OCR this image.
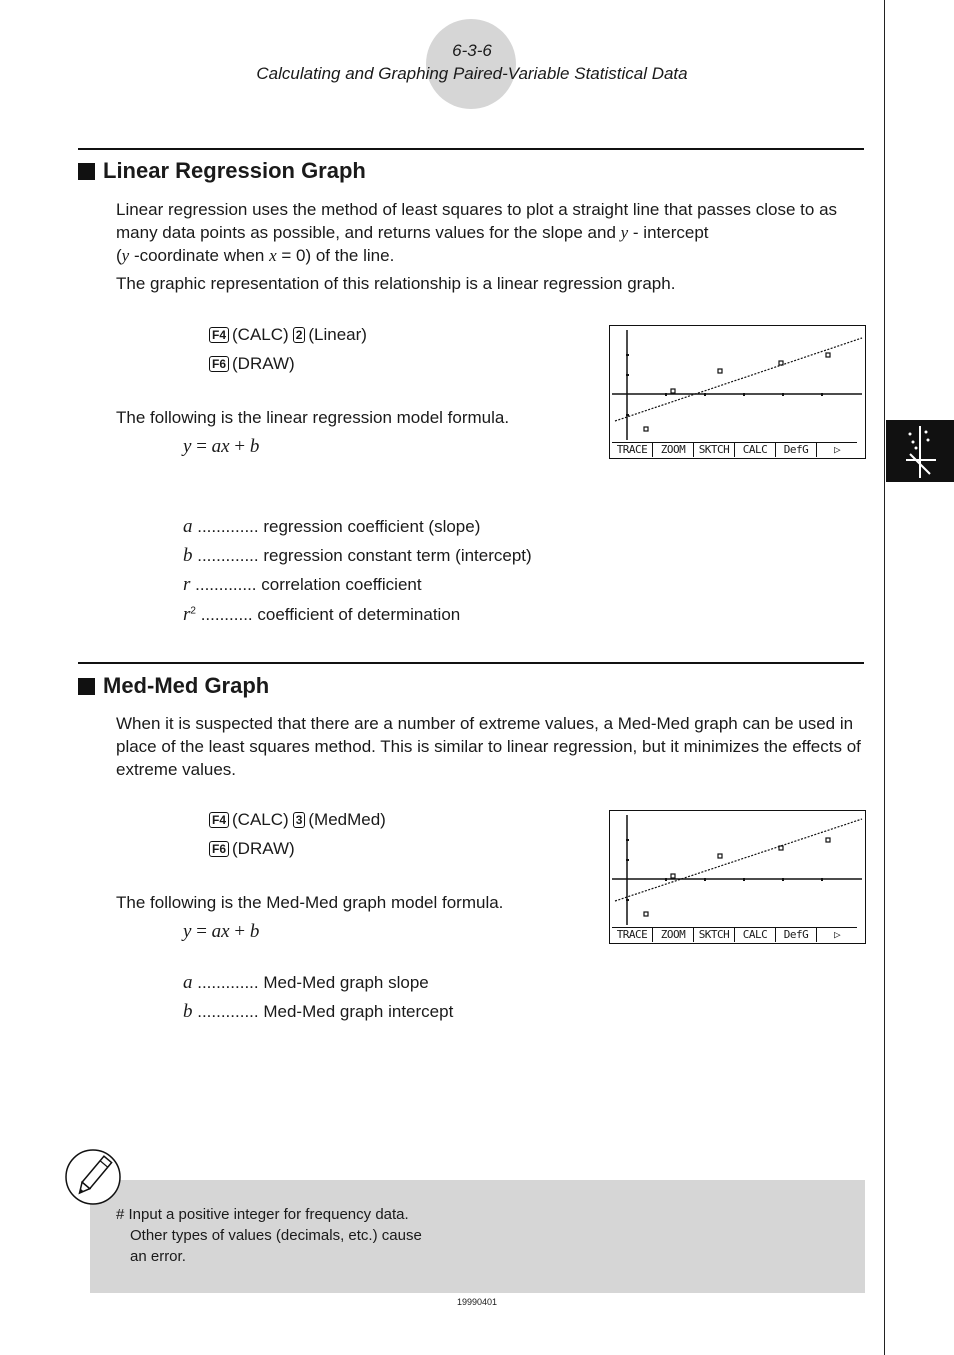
6-3-6
Calculating and Graphing Paired-Variable Statistical Data
Linear Regression Graph

Linear regression uses the method of least squares to plot a straight line that passes close to as many data points as possible, and returns values for the slope and y - intercept
(y -coordinate when x = 0) of the line.

The graphic representation of this relationship is a linear regression graph.

F4 (CALC) 2 (Linear)
F6 (DRAW)
The following is the linear regression model formula.
y = ax + b
a ............. regression coefficient (slope)
b ............. regression constant term (intercept)
r ............. correlation coefficient
$r^2$ ........... coefficient of determination
TRACE	ZOOM	SKTCH	CALC	DefG	▷
Med-Med Graph
When it is suspected that there are a number of extreme values, a Med-Med graph can be used in place of the least squares method. This is similar to linear regression, but it minimizes the effects of extreme values.
F4 (CALC) 3 (MedMed)
F6 (DRAW)
The following is the Med-Med graph model formula.
y = ax + b
a ............. Med-Med graph slope
b ............. Med-Med graph intercept
TRACE	ZOOM	SKTCH	CALC	DefG	▷

# Input a positive integer for frequency data.

Other types of values (decimals, etc.) cause

an error.

19990401
